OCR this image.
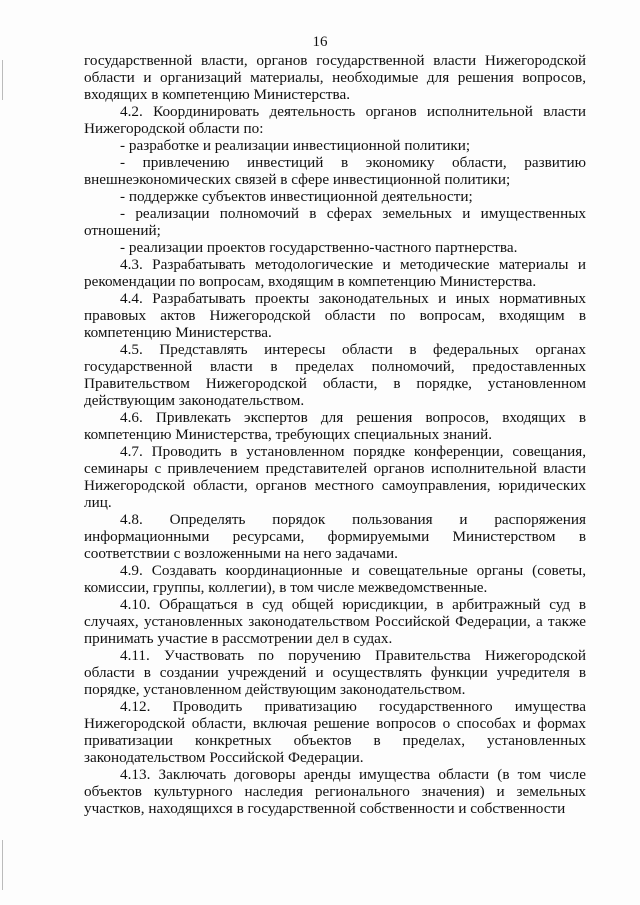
16

государственной власти, органов государственной власти Нижегородской области и организаций материалы, необходимые для решения вопросов, входящих в компетенцию Министерства.

4.2. Координировать деятельность органов исполнительной власти Нижегородской области по:

- разработке и реализации инвестиционной политики;

- привлечению инвестиций в экономику области, развитию внешнеэкономических связей в сфере инвестиционной политики;

- поддержке субъектов инвестиционной деятельности;

- реализации полномочий в сферах земельных и имущественных отношений;

- реализации проектов государственно-частного партнерства.

4.3. Разрабатывать методологические и методические материалы и рекомендации по вопросам, входящим в компетенцию Министерства.

4.4. Разрабатывать проекты законодательных и иных нормативных правовых актов Нижегородской области по вопросам, входящим в компетенцию Министерства.

4.5. Представлять интересы области в федеральных органах государственной власти в пределах полномочий, предоставленных Правительством Нижегородской области, в порядке, установленном действующим законодательством.

4.6. Привлекать экспертов для решения вопросов, входящих в компетенцию Министерства, требующих специальных знаний.

4.7. Проводить в установленном порядке конференции, совещания, семинары с привлечением представителей органов исполнительной власти Нижегородской области, органов местного самоуправления, юридических лиц.

4.8. Определять порядок пользования и распоряжения информационными ресурсами, формируемыми Министерством в соответствии с возложенными на него задачами.

4.9. Создавать координационные и совещательные органы (советы, комиссии, группы, коллегии), в том числе межведомственные.

4.10. Обращаться в суд общей юрисдикции, в арбитражный суд в случаях, установленных законодательством Российской Федерации, а также принимать участие в рассмотрении дел в судах.

4.11. Участвовать по поручению Правительства Нижегородской области в создании учреждений и осуществлять функции учредителя в порядке, установленном действующим законодательством.

4.12. Проводить приватизацию государственного имущества Нижегородской области, включая решение вопросов о способах и формах приватизации конкретных объектов в пределах, установленных законодательством Российской Федерации.

4.13. Заключать договоры аренды имущества области (в том числе объектов культурного наследия регионального значения) и земельных участков, находящихся в государственной собственности и собственности
